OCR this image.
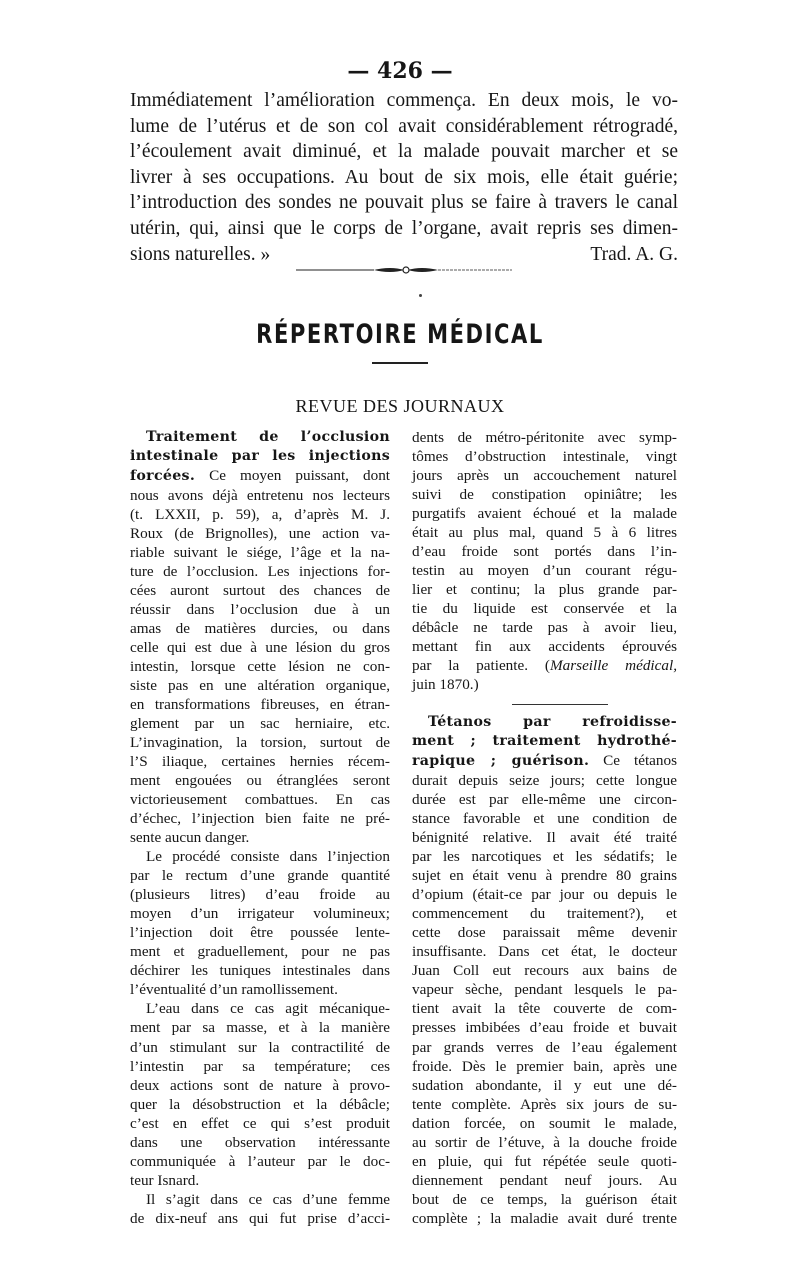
— 426 —

Immédiatement l’amélioration commença. En deux mois, le vo-

lume de l’utérus et de son col avait considérablement rétrogradé,

l’écoulement avait diminué, et la malade pouvait marcher et se

livrer à ses occupations. Au bout de six mois, elle était guérie;

l’introduction des sondes ne pouvait plus se faire à travers le canal

utérin, qui, ainsi que le corps de l’organe, avait repris ses dimen-

sions naturelles. »	Trad. A. G.
RÉPERTOIRE MÉDICAL
REVUE DES JOURNAUX
Traitement de l’occlusion
intestinale par les injections
forcées. Ce moyen puissant, dont
nous avons déjà entretenu nos lecteurs
(t. LXXII, p. 59), a, d’après M. J.
Roux (de Brignolles), une action va-
riable suivant le siége, l’âge et la na-
ture de l’occlusion. Les injections for-
cées auront surtout des chances de
réussir dans l’occlusion due à un
amas de matières durcies, ou dans
celle qui est due à une lésion du gros
intestin, lorsque cette lésion ne con-
siste pas en une altération organique,
en transformations fibreuses, en étran-
glement par un sac herniaire, etc.
L’invagination, la torsion, surtout de
l’S iliaque, certaines hernies récem-
ment engouées ou étranglées seront
victorieusement combattues. En cas
d’échec, l’injection bien faite ne pré-
sente aucun danger.
Le procédé consiste dans l’injection
par le rectum d’une grande quantité
(plusieurs litres) d’eau froide au
moyen d’un irrigateur volumineux;
l’injection doit être poussée lente-
ment et graduellement, pour ne pas
déchirer les tuniques intestinales dans
l’éventualité d’un ramollissement.
L’eau dans ce cas agit mécanique-
ment par sa masse, et à la manière
d’un stimulant sur la contractilité de
l’intestin par sa température; ces
deux actions sont de nature à provo-
quer la désobstruction et la débâcle;
c’est en effet ce qui s’est produit
dans une observation intéressante
communiquée à l’auteur par le doc-
teur Isnard.
Il s’agit dans ce cas d’une femme
de dix-neuf ans qui fut prise d’acci-
dents de métro-péritonite avec symp-
tômes d’obstruction intestinale, vingt
jours après un accouchement naturel
suivi de constipation opiniâtre; les
purgatifs avaient échoué et la malade
était au plus mal, quand 5 à 6 litres
d’eau froide sont portés dans l’in-
testin au moyen d’un courant régu-
lier et continu; la plus grande par-
tie du liquide est conservée et la
débâcle ne tarde pas à avoir lieu,
mettant fin aux accidents éprouvés
par la patiente. (Marseille médical,
juin 1870.)
Tétanos par refroidisse-
ment ; traitement hydrothé-
rapique ; guérison. Ce tétanos
durait depuis seize jours; cette longue
durée est par elle-même une circon-
stance favorable et une condition de
bénignité relative. Il avait été traité
par les narcotiques et les sédatifs; le
sujet en était venu à prendre 80 grains
d’opium (était-ce par jour ou depuis le
commencement du traitement?), et
cette dose paraissait même devenir
insuffisante. Dans cet état, le docteur
Juan Coll eut recours aux bains de
vapeur sèche, pendant lesquels le pa-
tient avait la tête couverte de com-
presses imbibées d’eau froide et buvait
par grands verres de l’eau également
froide. Dès le premier bain, après une
sudation abondante, il y eut une dé-
tente complète. Après six jours de su-
dation forcée, on soumit le malade,
au sortir de l’étuve, à la douche froide
en pluie, qui fut répétée seule quoti-
diennement pendant neuf jours. Au
bout de ce temps, la guérison était
complète ; la maladie avait duré trente
